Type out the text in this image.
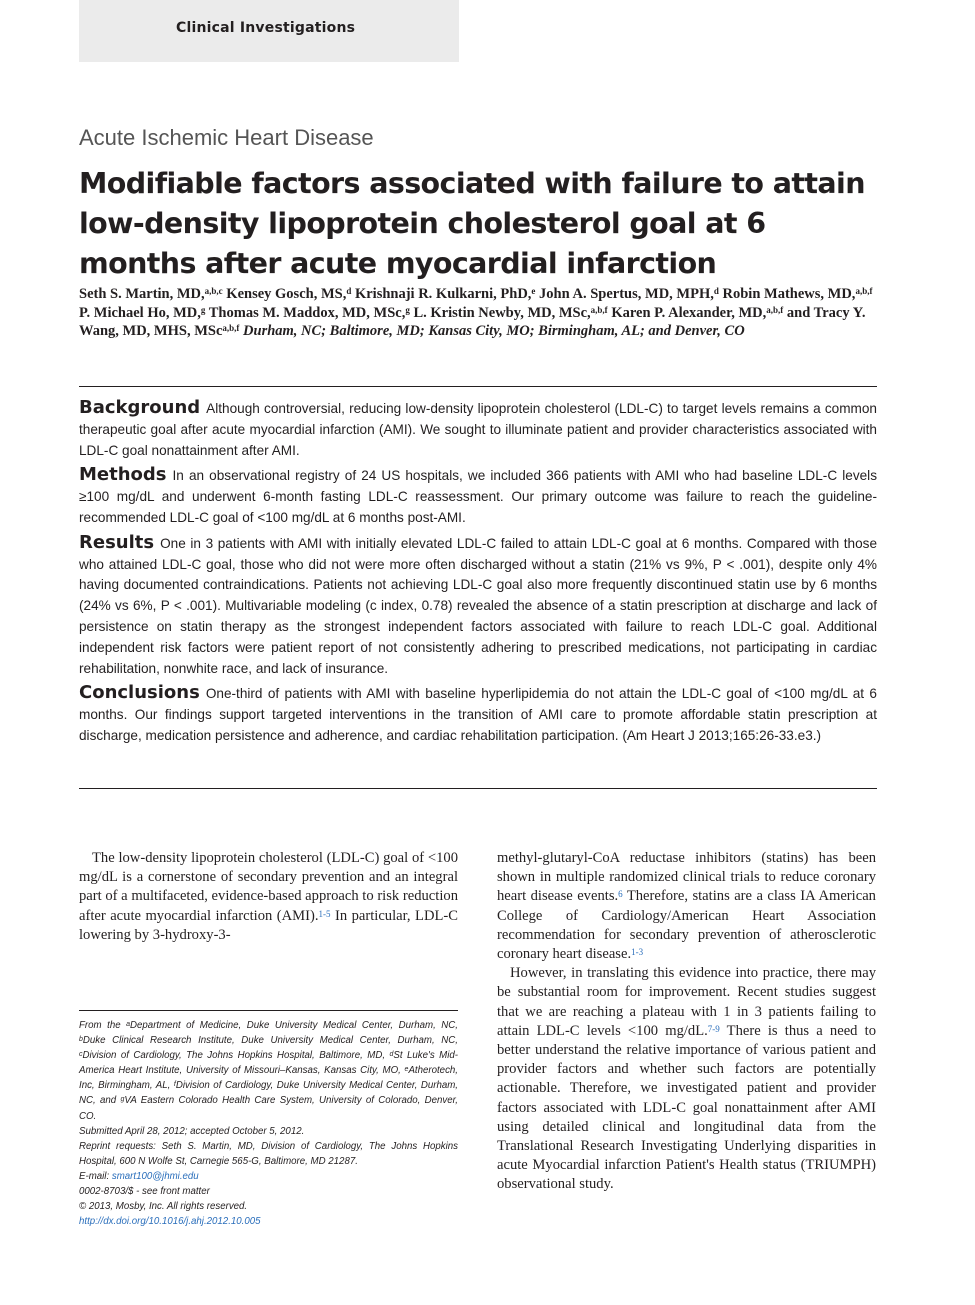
Clinical Investigations
Acute Ischemic Heart Disease
Modifiable factors associated with failure to attain low-density lipoprotein cholesterol goal at 6 months after acute myocardial infarction
Seth S. Martin, MD,$^{a,b,c}$ Kensey Gosch, MS,$^d$ Krishnaji R. Kulkarni, PhD,$^e$ John A. Spertus, MD, MPH,$^d$ Robin Mathews, MD,$^{a,b,f}$ P. Michael Ho, MD,$^g$ Thomas M. Maddox, MD, MSc,$^g$ L. Kristin Newby, MD, MSc,$^{a,b,f}$ Karen P. Alexander, MD,$^{a,b,f}$ and Tracy Y. Wang, MD, MHS, MSc$^{a,b,f}$ Durham, NC; Baltimore, MD; Kansas City, MO; Birmingham, AL; and Denver, CO

Background Although controversial, reducing low-density lipoprotein cholesterol (LDL-C) to target levels remains a common therapeutic goal after acute myocardial infarction (AMI). We sought to illuminate patient and provider characteristics associated with LDL-C goal nonattainment after AMI.

Methods In an observational registry of 24 US hospitals, we included 366 patients with AMI who had baseline LDL-C levels ≥100 mg/dL and underwent 6-month fasting LDL-C reassessment. Our primary outcome was failure to reach the guideline-recommended LDL-C goal of <100 mg/dL at 6 months post-AMI.

Results One in 3 patients with AMI with initially elevated LDL-C failed to attain LDL-C goal at 6 months. Compared with those who attained LDL-C goal, those who did not were more often discharged without a statin (21% vs 9%, P < .001), despite only 4% having documented contraindications. Patients not achieving LDL-C goal also more frequently discontinued statin use by 6 months (24% vs 6%, P < .001). Multivariable modeling (c index, 0.78) revealed the absence of a statin prescription at discharge and lack of persistence on statin therapy as the strongest independent factors associated with failure to reach LDL-C goal. Additional independent risk factors were patient report of not consistently adhering to prescribed medications, not participating in cardiac rehabilitation, nonwhite race, and lack of insurance.

Conclusions One-third of patients with AMI with baseline hyperlipidemia do not attain the LDL-C goal of <100 mg/dL at 6 months. Our findings support targeted interventions in the transition of AMI care to promote affordable statin prescription at discharge, medication persistence and adherence, and cardiac rehabilitation participation. (Am Heart J 2013;165:26-33.e3.)

The low-density lipoprotein cholesterol (LDL-C) goal of <100 mg/dL is a cornerstone of secondary prevention and an integral part of a multifaceted, evidence-based approach to risk reduction after acute myocardial infarction (AMI).$^{1-5}$ In particular, LDL-C lowering by 3-hydroxy-3-

From the $^a$Department of Medicine, Duke University Medical Center, Durham, NC, $^b$Duke Clinical Research Institute, Duke University Medical Center, Durham, NC, $^c$Division of Cardiology, The Johns Hopkins Hospital, Baltimore, MD, $^d$St Luke's Mid-America Heart Institute, University of Missouri–Kansas, Kansas City, MO, $^e$Atherotech, Inc, Birmingham, AL, $^f$Division of Cardiology, Duke University Medical Center, Durham, NC, and $^g$VA Eastern Colorado Health Care System, University of Colorado, Denver, CO.
Submitted April 28, 2012; accepted October 5, 2012.
Reprint requests: Seth S. Martin, MD, Division of Cardiology, The Johns Hopkins Hospital, 600 N Wolfe St, Carnegie 565-G, Baltimore, MD 21287.
E-mail: smart100@jhmi.edu
0002-8703/$ - see front matter
© 2013, Mosby, Inc. All rights reserved.
http://dx.doi.org/10.1016/j.ahj.2012.10.005

methyl-glutaryl-CoA reductase inhibitors (statins) has been shown in multiple randomized clinical trials to reduce coronary heart disease events.$^6$ Therefore, statins are a class IA American College of Cardiology/American Heart Association recommendation for secondary prevention of atherosclerotic coronary heart disease.$^{1-3}$

However, in translating this evidence into practice, there may be substantial room for improvement. Recent studies suggest that we are reaching a plateau with 1 in 3 patients failing to attain LDL-C levels <100 mg/dL.$^{7-9}$ There is thus a need to better understand the relative importance of various patient and provider factors and whether such factors are potentially actionable. Therefore, we investigated patient and provider factors associated with LDL-C goal nonattainment after AMI using detailed clinical and longitudinal data from the Translational Research Investigating Underlying disparities in acute Myocardial infarction Patient's Health status (TRIUMPH) observational study.
